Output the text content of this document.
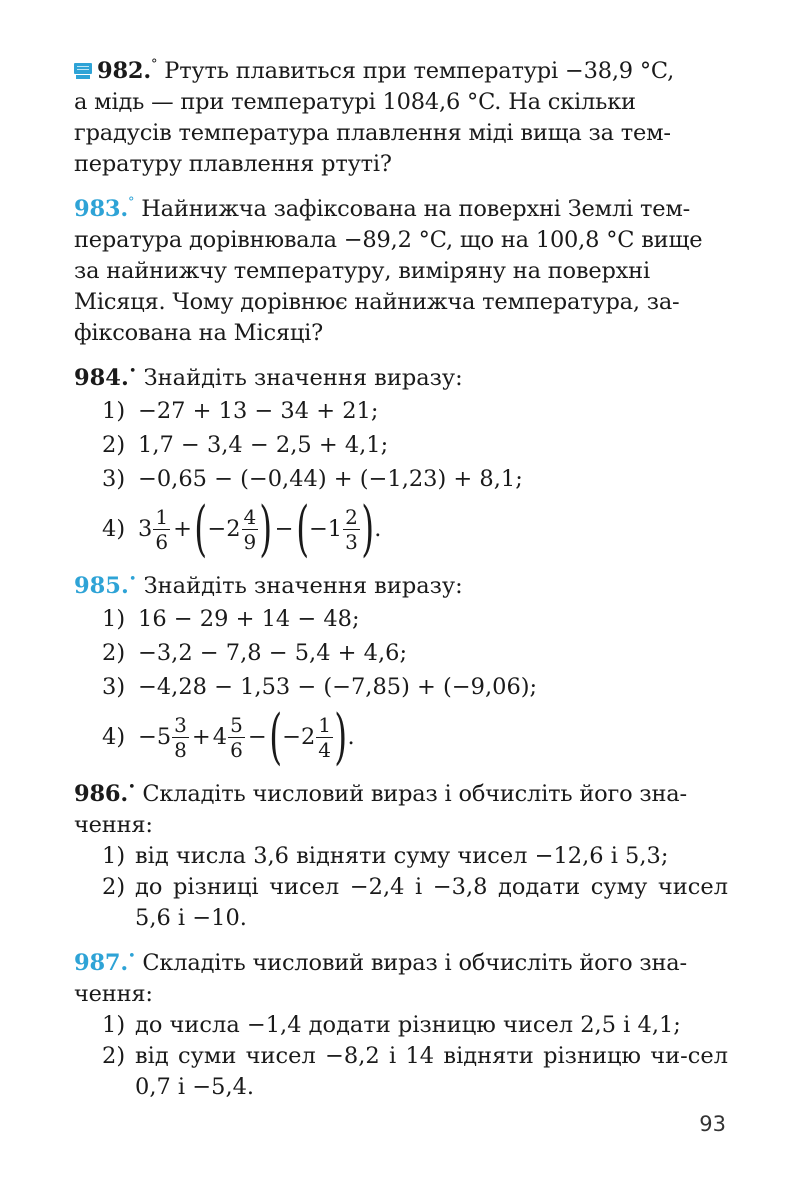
982.° Ртуть плавиться при температурі −38,9 °C,
а мідь — при температурі 1084,6 °C. На скільки
градусів температура плавлення міді вища за тем-
пературу плавлення ртуті?
983.° Найнижча зафіксована на поверхні Землі тем-
пература дорівнювала −89,2 °C, що на 100,8 °C вище
за найнижчу температуру, виміряну на поверхні
Місяця. Чому дорівнює найнижча температура, за-
фіксована на Місяці?
984.• Знайдіть значення виразу:
1) −27 + 13 − 34 + 21;
2) 1,7 − 3,4 − 2,5 + 4,1;
3) −0,65 − (−0,44) + (−1,23) + 8,1;
4) $3 \frac{1}{6}$ + ( $-2 \frac{4}{9}$ ) − ( $-1 \frac{2}{3}$ ) .
985.• Знайдіть значення виразу:
1) 16 − 29 + 14 − 48;
2) −3,2 − 7,8 − 5,4 + 4,6;
3) −4,28 − 1,53 − (−7,85) + (−9,06);
$4) -5 \frac{3}{8} + 4 \frac{5}{6}$ − ( $-2 \frac{1}{4}$ ) .
986.• Складіть числовий вираз і обчисліть його зна-
чення:
1) від числа 3,6 відняти суму чисел −12,6 і 5,3;
2) до різниці чисел −2,4 і −3,8 додати суму чисел 5,6 і −10.
987.• Складіть числовий вираз і обчисліть його зна-
чення:
1) до числа −1,4 додати різницю чисел 2,5 і 4,1;
2) від суми чисел −8,2 і 14 відняти різницю чи-сел 0,7 і −5,4.
93
